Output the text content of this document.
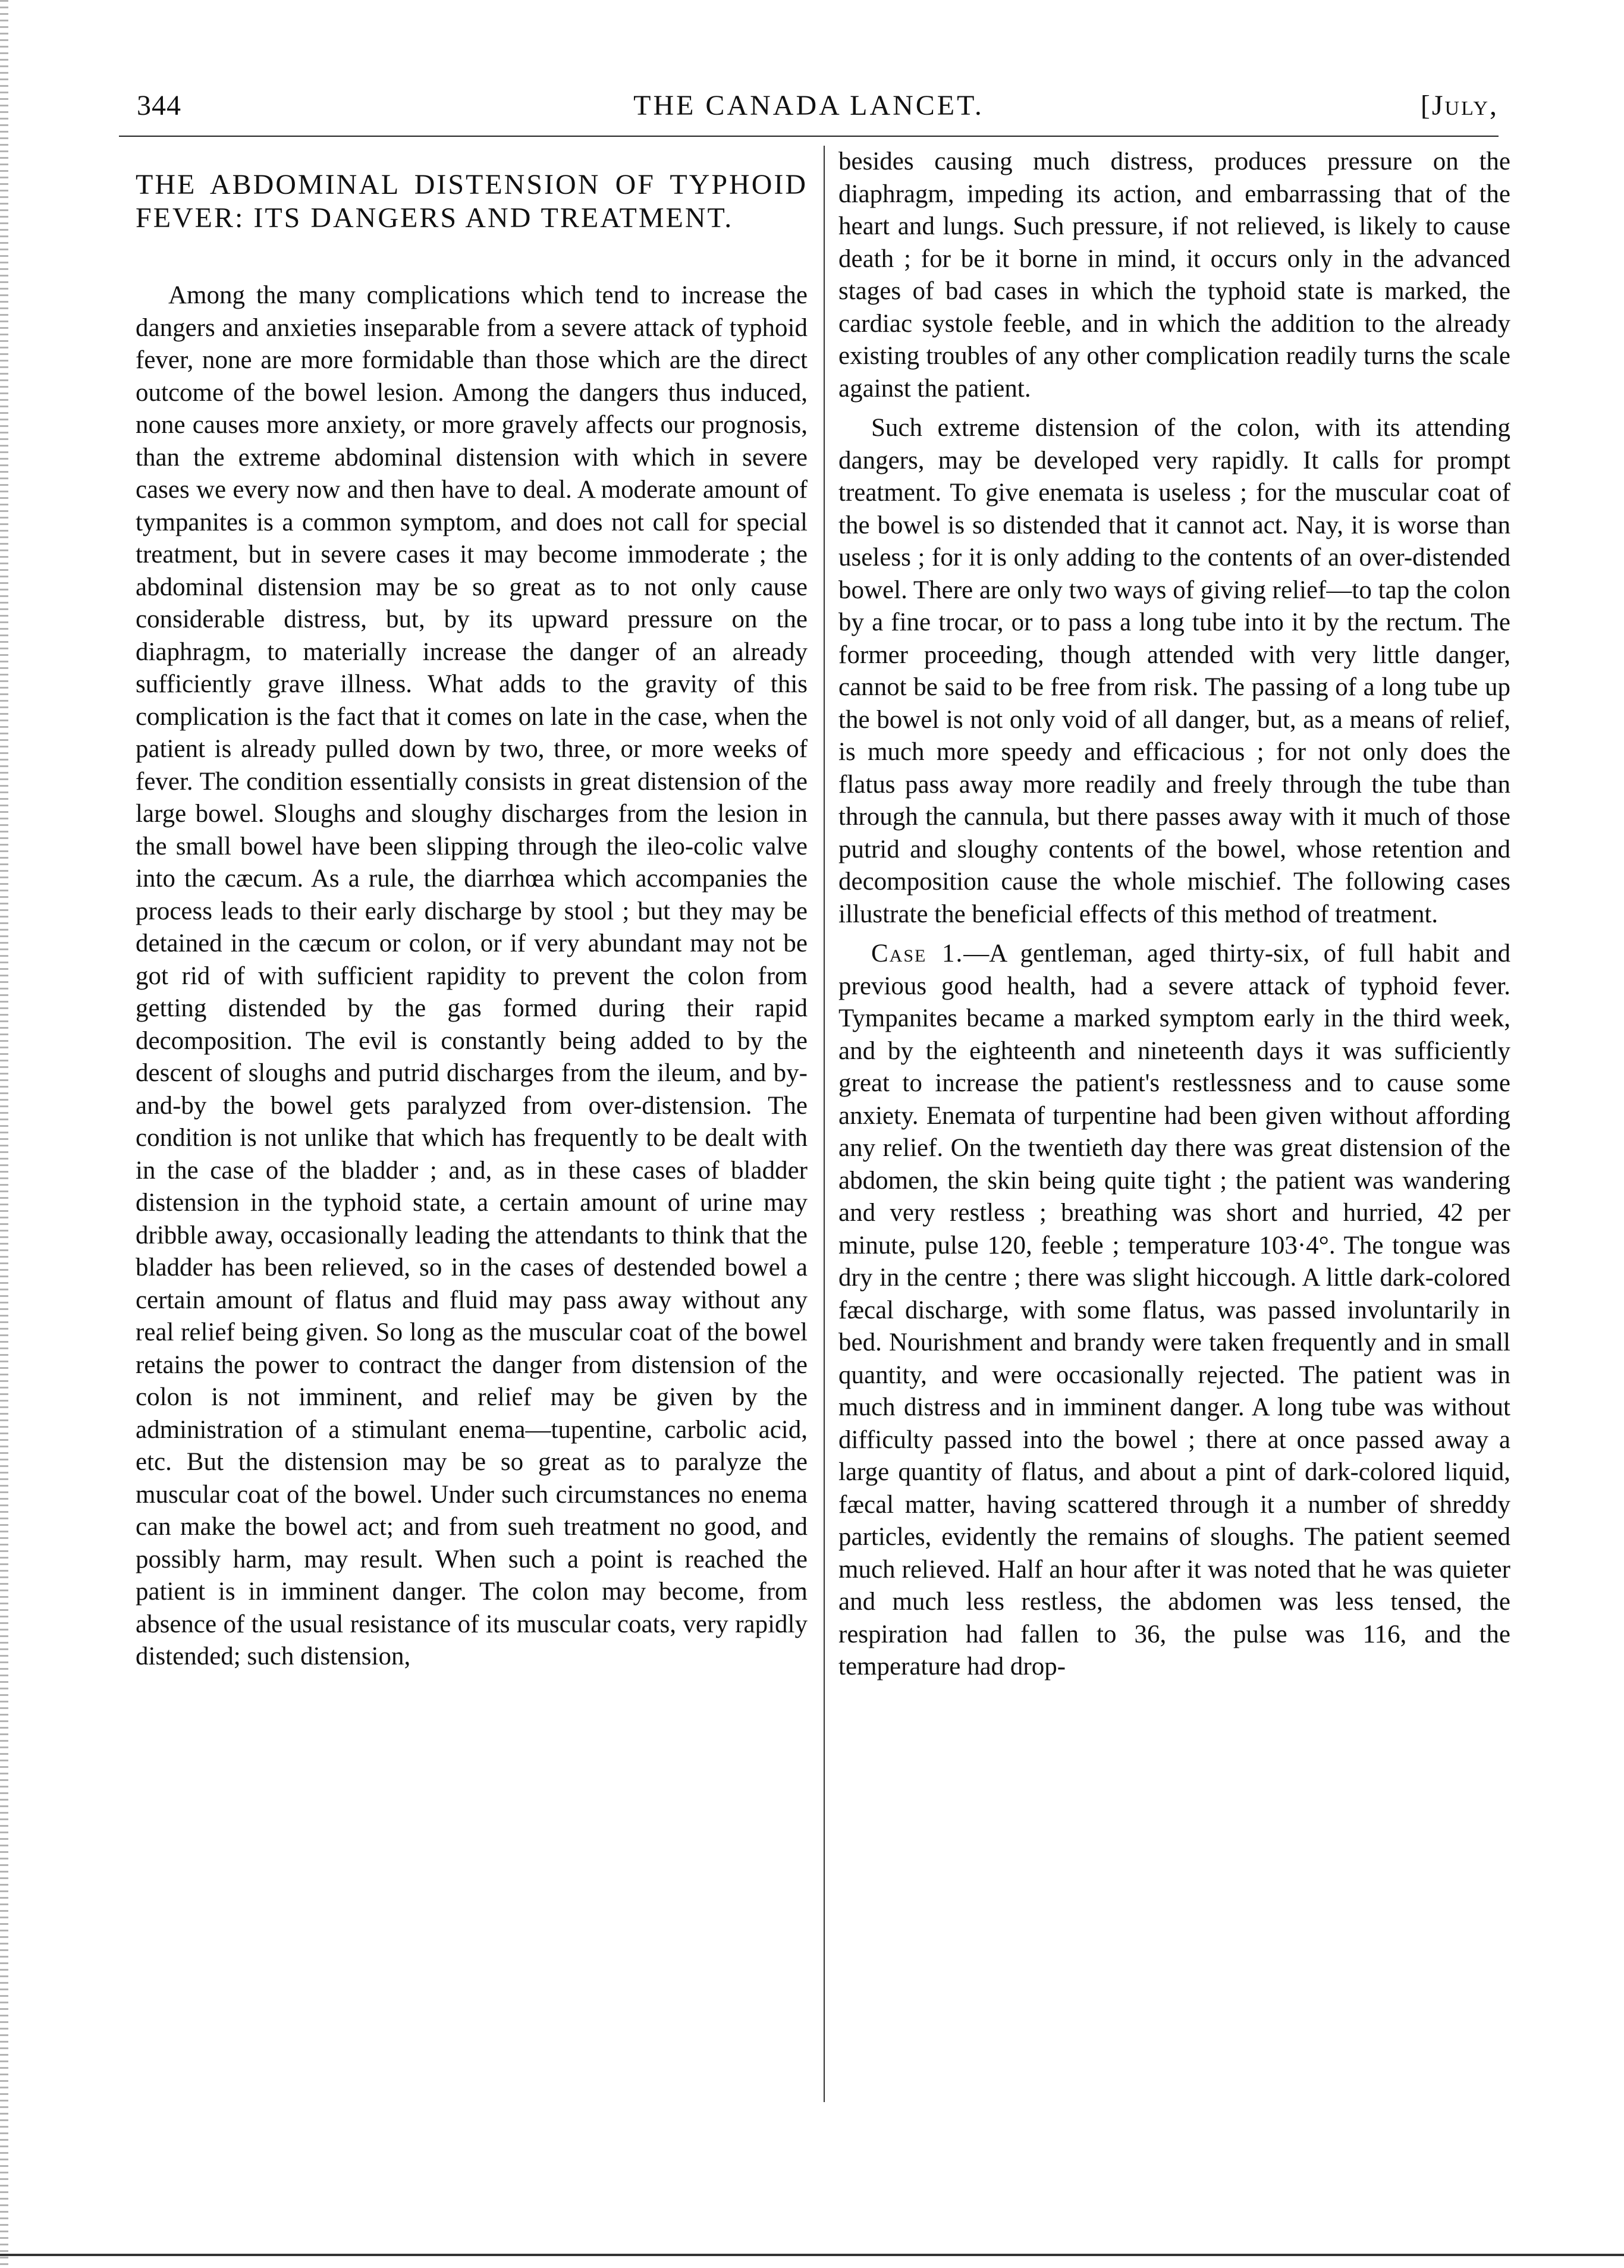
344	THE CANADA LANCET.	[July,
THE ABDOMINAL DISTENSION OF TYPHOID FEVER: ITS DANGERS AND TREATMENT.

Among the many complications which tend to increase the dangers and anxieties inseparable from a severe attack of typhoid fever, none are more formidable than those which are the direct outcome of the bowel lesion. Among the dangers thus induced, none causes more anxiety, or more gravely affects our prognosis, than the extreme abdominal distension with which in severe cases we every now and then have to deal. A moderate amount of tympanites is a common symptom, and does not call for special treatment, but in severe cases it may become immoderate ; the abdominal distension may be so great as to not only cause considerable distress, but, by its upward pressure on the diaphragm, to materially increase the danger of an already sufficiently grave illness. What adds to the gravity of this complication is the fact that it comes on late in the case, when the patient is already pulled down by two, three, or more weeks of fever. The condition essentially consists in great distension of the large bowel. Sloughs and sloughy discharges from the lesion in the small bowel have been slipping through the ileo-colic valve into the cæcum. As a rule, the diarrhœa which accompanies the process leads to their early discharge by stool ; but they may be detained in the cæcum or colon, or if very abundant may not be got rid of with sufficient rapidity to prevent the colon from getting distended by the gas formed during their rapid decomposition. The evil is constantly being added to by the descent of sloughs and putrid discharges from the ileum, and by-and-by the bowel gets paralyzed from over-distension. The condition is not unlike that which has frequently to be dealt with in the case of the bladder ; and, as in these cases of bladder distension in the typhoid state, a certain amount of urine may dribble away, occasionally leading the attendants to think that the bladder has been relieved, so in the cases of destended bowel a certain amount of flatus and fluid may pass away without any real relief being given. So long as the muscular coat of the bowel retains the power to contract the danger from distension of the colon is not imminent, and relief may be given by the administration of a stimulant enema—tupentine, carbolic acid, etc. But the distension may be so great as to paralyze the muscular coat of the bowel. Under such circumstances no enema can make the bowel act; and from sueh treatment no good, and possibly harm, may result. When such a point is reached the patient is in imminent danger. The colon may become, from absence of the usual resistance of its muscular coats, very rapidly distended; such distension,

besides causing much distress, produces pressure on the diaphragm, impeding its action, and embarrassing that of the heart and lungs. Such pressure, if not relieved, is likely to cause death ; for be it borne in mind, it occurs only in the advanced stages of bad cases in which the typhoid state is marked, the cardiac systole feeble, and in which the addition to the already existing troubles of any other complication readily turns the scale against the patient.

Such extreme distension of the colon, with its attending dangers, may be developed very rapidly. It calls for prompt treatment. To give enemata is useless ; for the muscular coat of the bowel is so distended that it cannot act. Nay, it is worse than useless ; for it is only adding to the contents of an over-distended bowel. There are only two ways of giving relief—to tap the colon by a fine trocar, or to pass a long tube into it by the rectum. The former proceeding, though attended with very little danger, cannot be said to be free from risk. The passing of a long tube up the bowel is not only void of all danger, but, as a means of relief, is much more speedy and efficacious ; for not only does the flatus pass away more readily and freely through the tube than through the cannula, but there passes away with it much of those putrid and sloughy contents of the bowel, whose retention and decomposition cause the whole mischief. The following cases illustrate the beneficial effects of this method of treatment.

Case 1.—A gentleman, aged thirty-six, of full habit and previous good health, had a severe attack of typhoid fever. Tympanites became a marked symptom early in the third week, and by the eighteenth and nineteenth days it was sufficiently great to increase the patient's restlessness and to cause some anxiety. Enemata of turpentine had been given without affording any relief. On the twentieth day there was great distension of the abdomen, the skin being quite tight ; the patient was wandering and very restless ; breathing was short and hurried, 42 per minute, pulse 120, feeble ; temperature 103·4°. The tongue was dry in the centre ; there was slight hiccough. A little dark-colored fæcal discharge, with some flatus, was passed involuntarily in bed. Nourishment and brandy were taken frequently and in small quantity, and were occasionally rejected. The patient was in much distress and in imminent danger. A long tube was without difficulty passed into the bowel ; there at once passed away a large quantity of flatus, and about a pint of dark-colored liquid, fæcal matter, having scattered through it a number of shreddy particles, evidently the remains of sloughs. The patient seemed much relieved. Half an hour after it was noted that he was quieter and much less restless, the abdomen was less tensed, the respiration had fallen to 36, the pulse was 116, and the temperature had drop-
